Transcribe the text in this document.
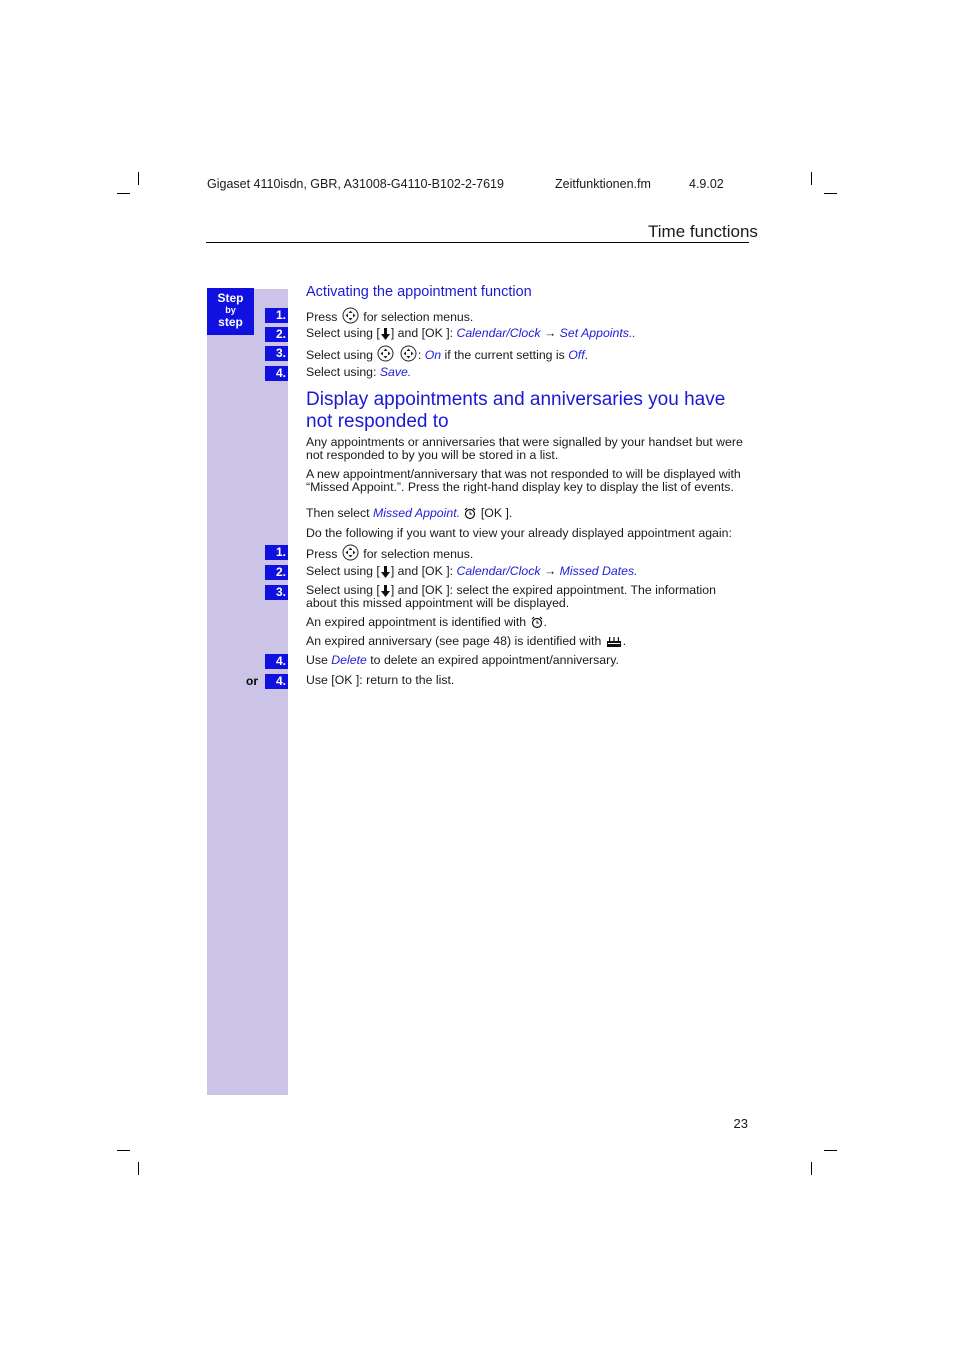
Gigaset 4110isdn, GBR, A31008-G4110-B102-2-7619	Zeitfunktionen.fm	4.9.02
Time functions
Step
by
step
Activating the appointment function
1. Press for selection menus.
2. Select using [ ] and [OK ]: Calendar/Clock → Set Appoints..
3. Select using	: On if the current setting is Off.
4. Select using: Save.
Display appointments and anniversaries you have not responded to
Any appointments or anniversaries that were signalled by your handset but were not responded to by you will be stored in a list.
A new appointment/anniversary that was not responded to will be displayed with “Missed Appoint.”. Press the right-hand display key to display the list of events.
Then select Missed Appoint. [OK ].
Do the following if you want to view your already displayed appointment again:
1. Press for selection menus.
2. Select using [ ] and [OK ]: Calendar/Clock → Missed Dates.
3. Select using [ ] and [OK ]: select the expired appointment. The information about this missed appointment will be displayed.
An expired appointment is identified with .
An expired anniversary (see page 48) is identified with .
4. Use Delete to delete an expired appointment/anniversary.
or	4. Use [OK ]: return to the list.
23
